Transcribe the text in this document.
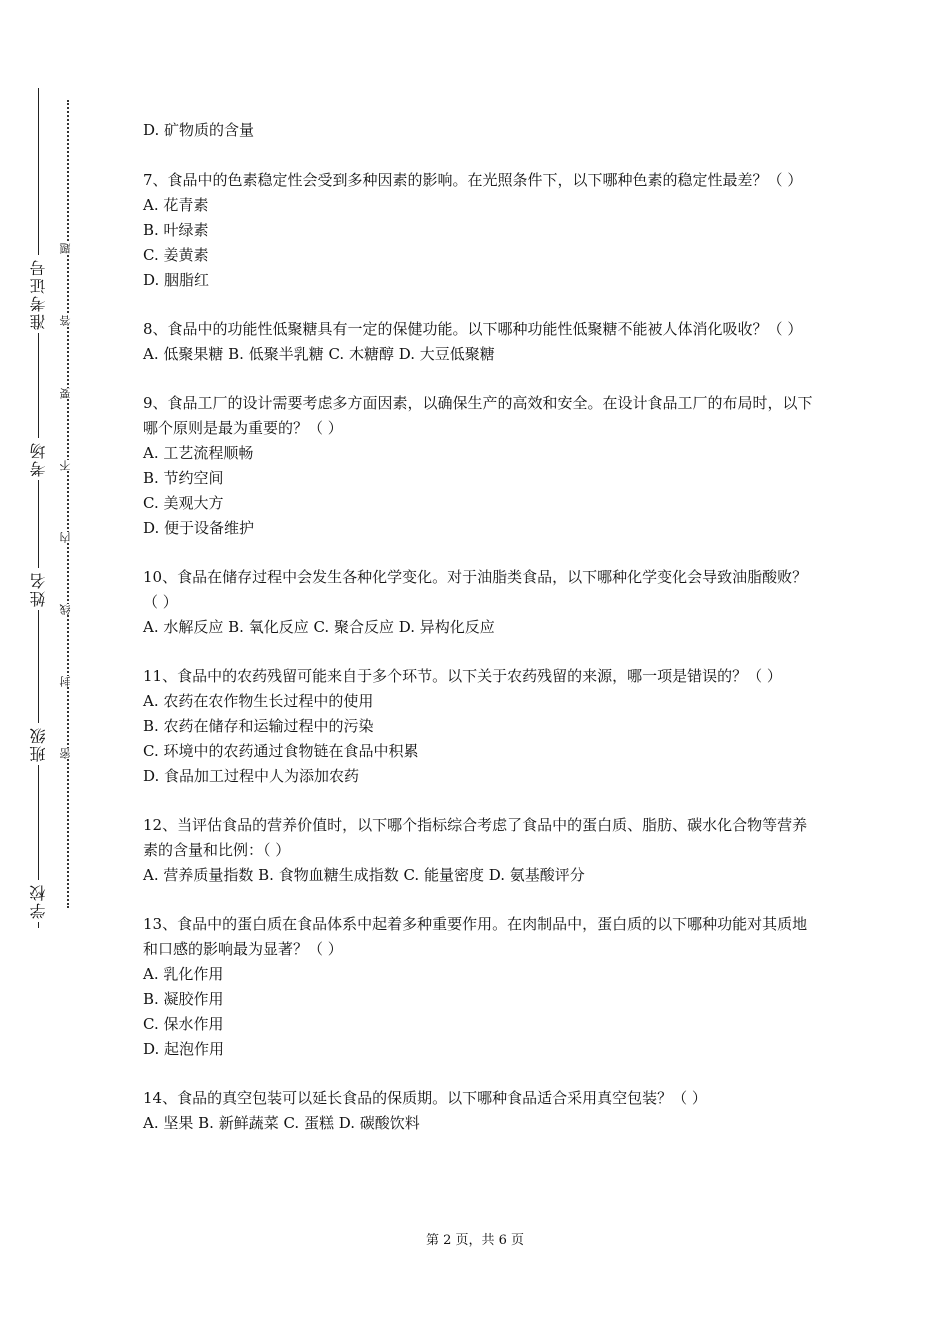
准考证号
考场
姓名
班级
学校
题
答
要
不
内
线
封
密
D. 矿物质的含量
7、食品中的色素稳定性会受到多种因素的影响。在光照条件下，以下哪种色素的稳定性最差？（ ）
A. 花青素
B. 叶绿素
C. 姜黄素
D. 胭脂红
8、食品中的功能性低聚糖具有一定的保健功能。以下哪种功能性低聚糖不能被人体消化吸收？（ ）
A. 低聚果糖 B. 低聚半乳糖 C. 木糖醇 D. 大豆低聚糖
9、食品工厂的设计需要考虑多方面因素，以确保生产的高效和安全。在设计食品工厂的布局时，以下哪个原则是最为重要的？（ ）
A. 工艺流程顺畅
B. 节约空间
C. 美观大方
D. 便于设备维护
10、食品在储存过程中会发生各种化学变化。对于油脂类食品，以下哪种化学变化会导致油脂酸败？（ ）
A. 水解反应 B. 氧化反应 C. 聚合反应 D. 异构化反应
11、食品中的农药残留可能来自于多个环节。以下关于农药残留的来源，哪一项是错误的？（ ）
A. 农药在农作物生长过程中的使用
B. 农药在储存和运输过程中的污染
C. 环境中的农药通过食物链在食品中积累
D. 食品加工过程中人为添加农药
12、当评估食品的营养价值时，以下哪个指标综合考虑了食品中的蛋白质、脂肪、碳水化合物等营养素的含量和比例：（ ）
A. 营养质量指数 B. 食物血糖生成指数 C. 能量密度 D. 氨基酸评分
13、食品中的蛋白质在食品体系中起着多种重要作用。在肉制品中，蛋白质的以下哪种功能对其质地和口感的影响最为显著？（ ）
A. 乳化作用
B. 凝胶作用
C. 保水作用
D. 起泡作用
14、食品的真空包装可以延长食品的保质期。以下哪种食品适合采用真空包装？（ ）
A. 坚果 B. 新鲜蔬菜 C. 蛋糕 D. 碳酸饮料
第 2 页，共 6 页
